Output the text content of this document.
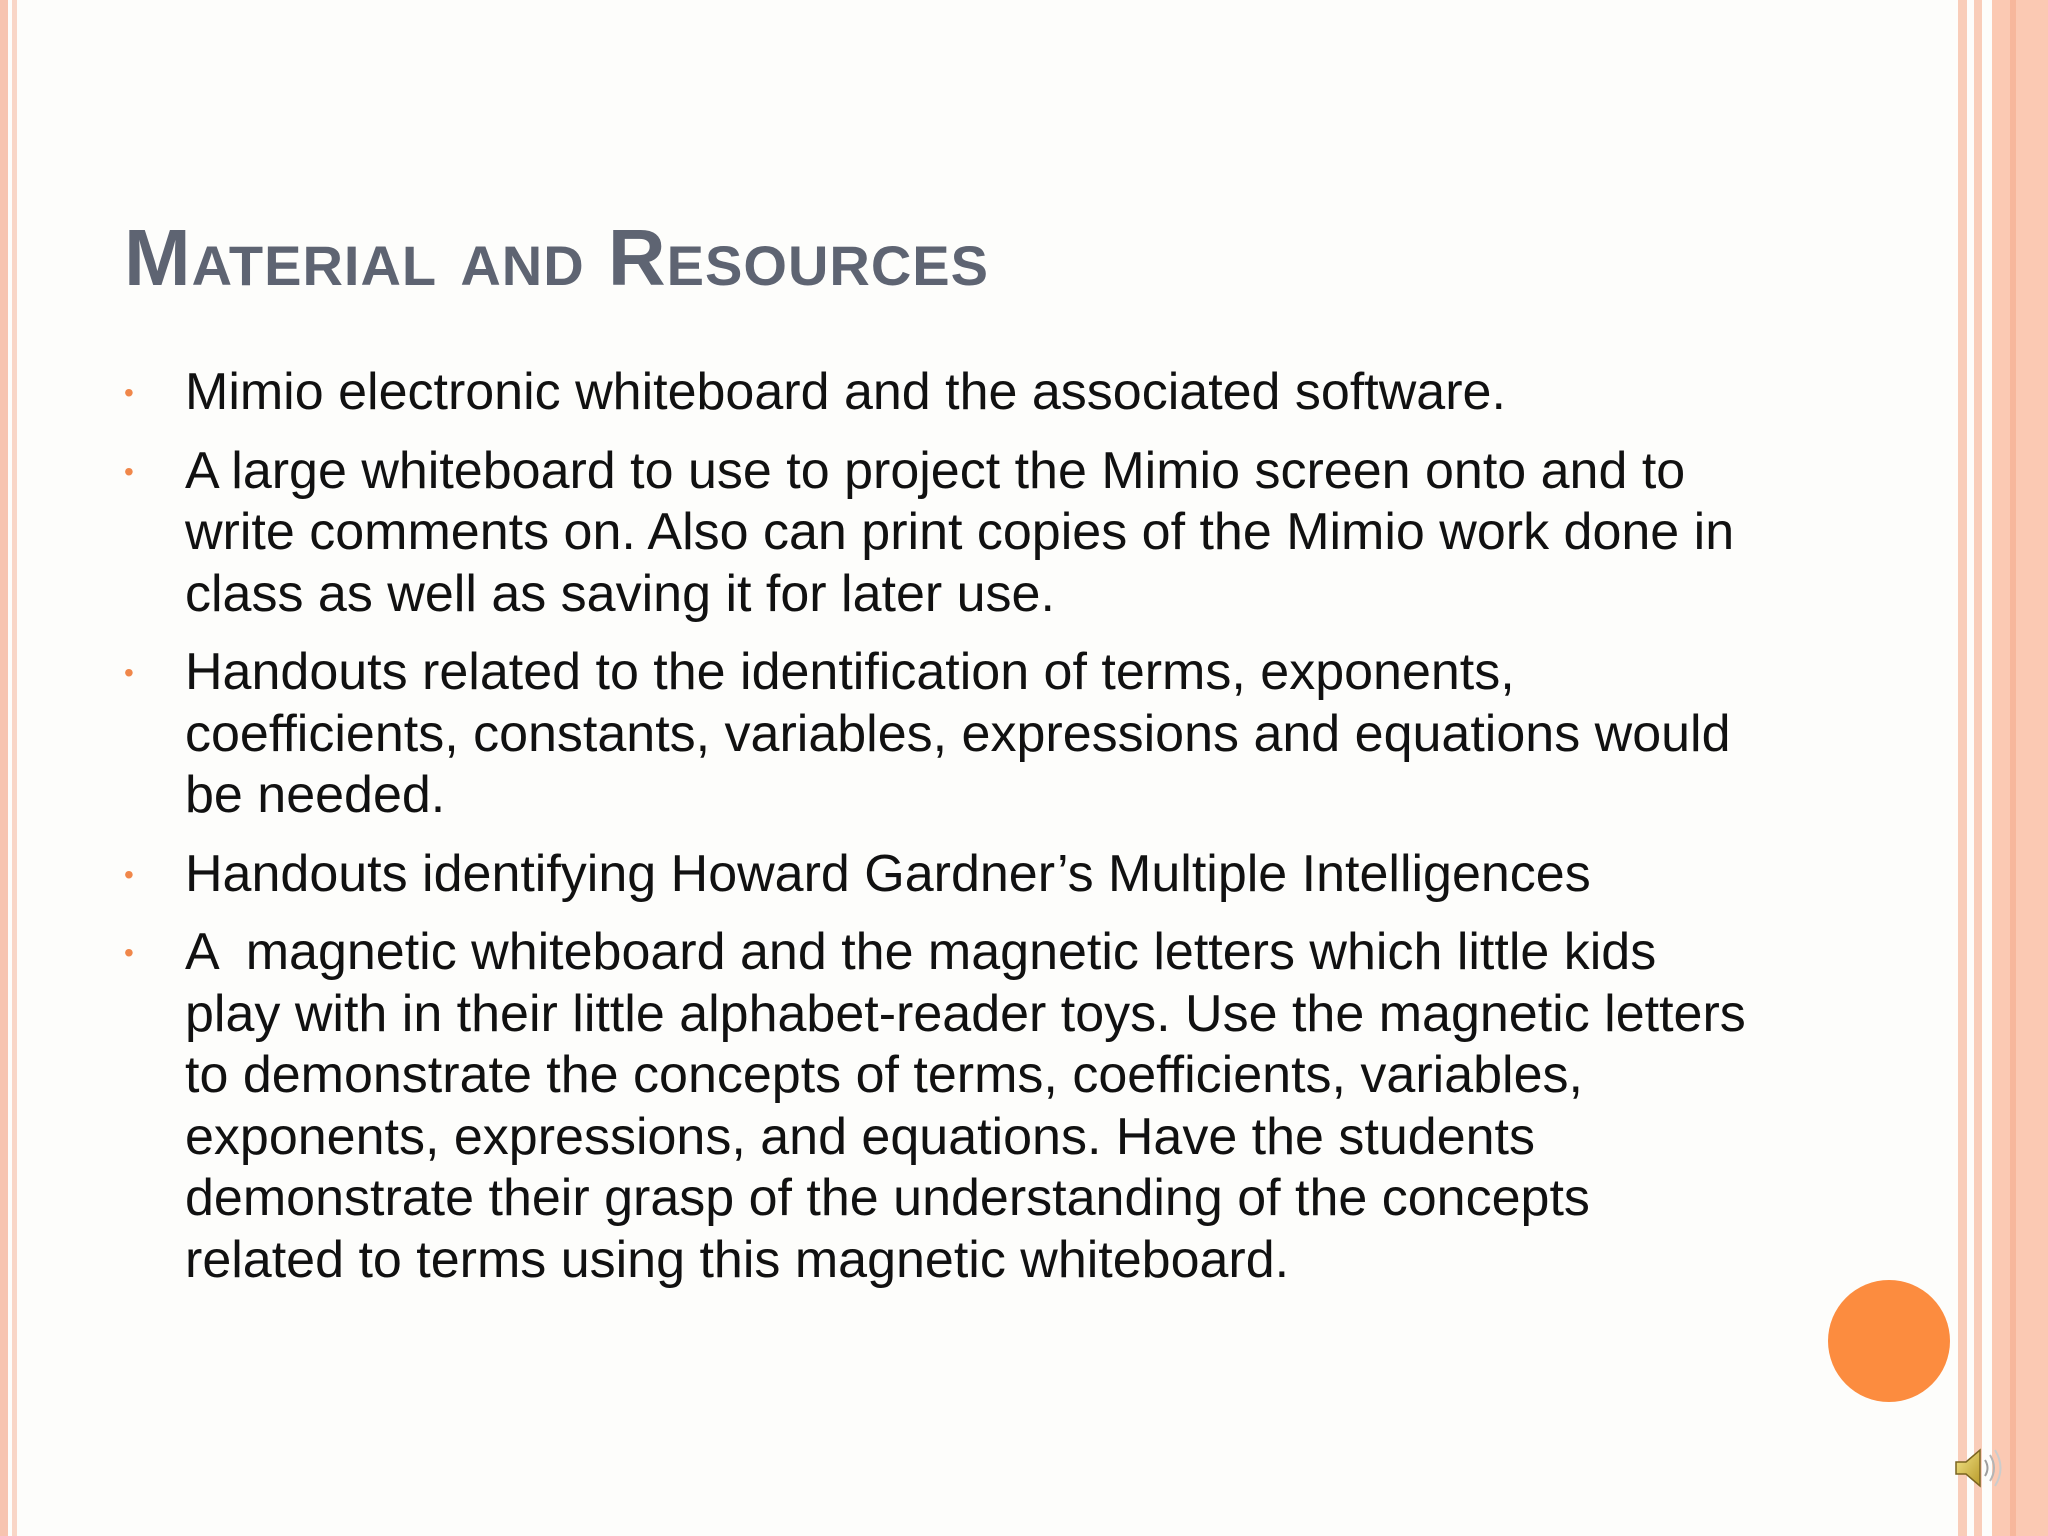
Material and Resources
• Mimio electronic whiteboard and the associated software.
• A large whiteboard to use to project the Mimio screen onto and to write comments on. Also can print copies of the Mimio work done in class as well as saving it for later use.
• Handouts related to the identification of terms, exponents, coefficients, constants, variables, expressions and equations would be needed.
• Handouts identifying Howard Gardner’s Multiple Intelligences
• A  magnetic whiteboard and the magnetic letters which little kids play with in their little alphabet-reader toys. Use the magnetic letters to demonstrate the concepts of terms, coefficients, variables, exponents, expressions, and equations. Have the students demonstrate their grasp of the understanding of the concepts related to terms using this magnetic whiteboard.
